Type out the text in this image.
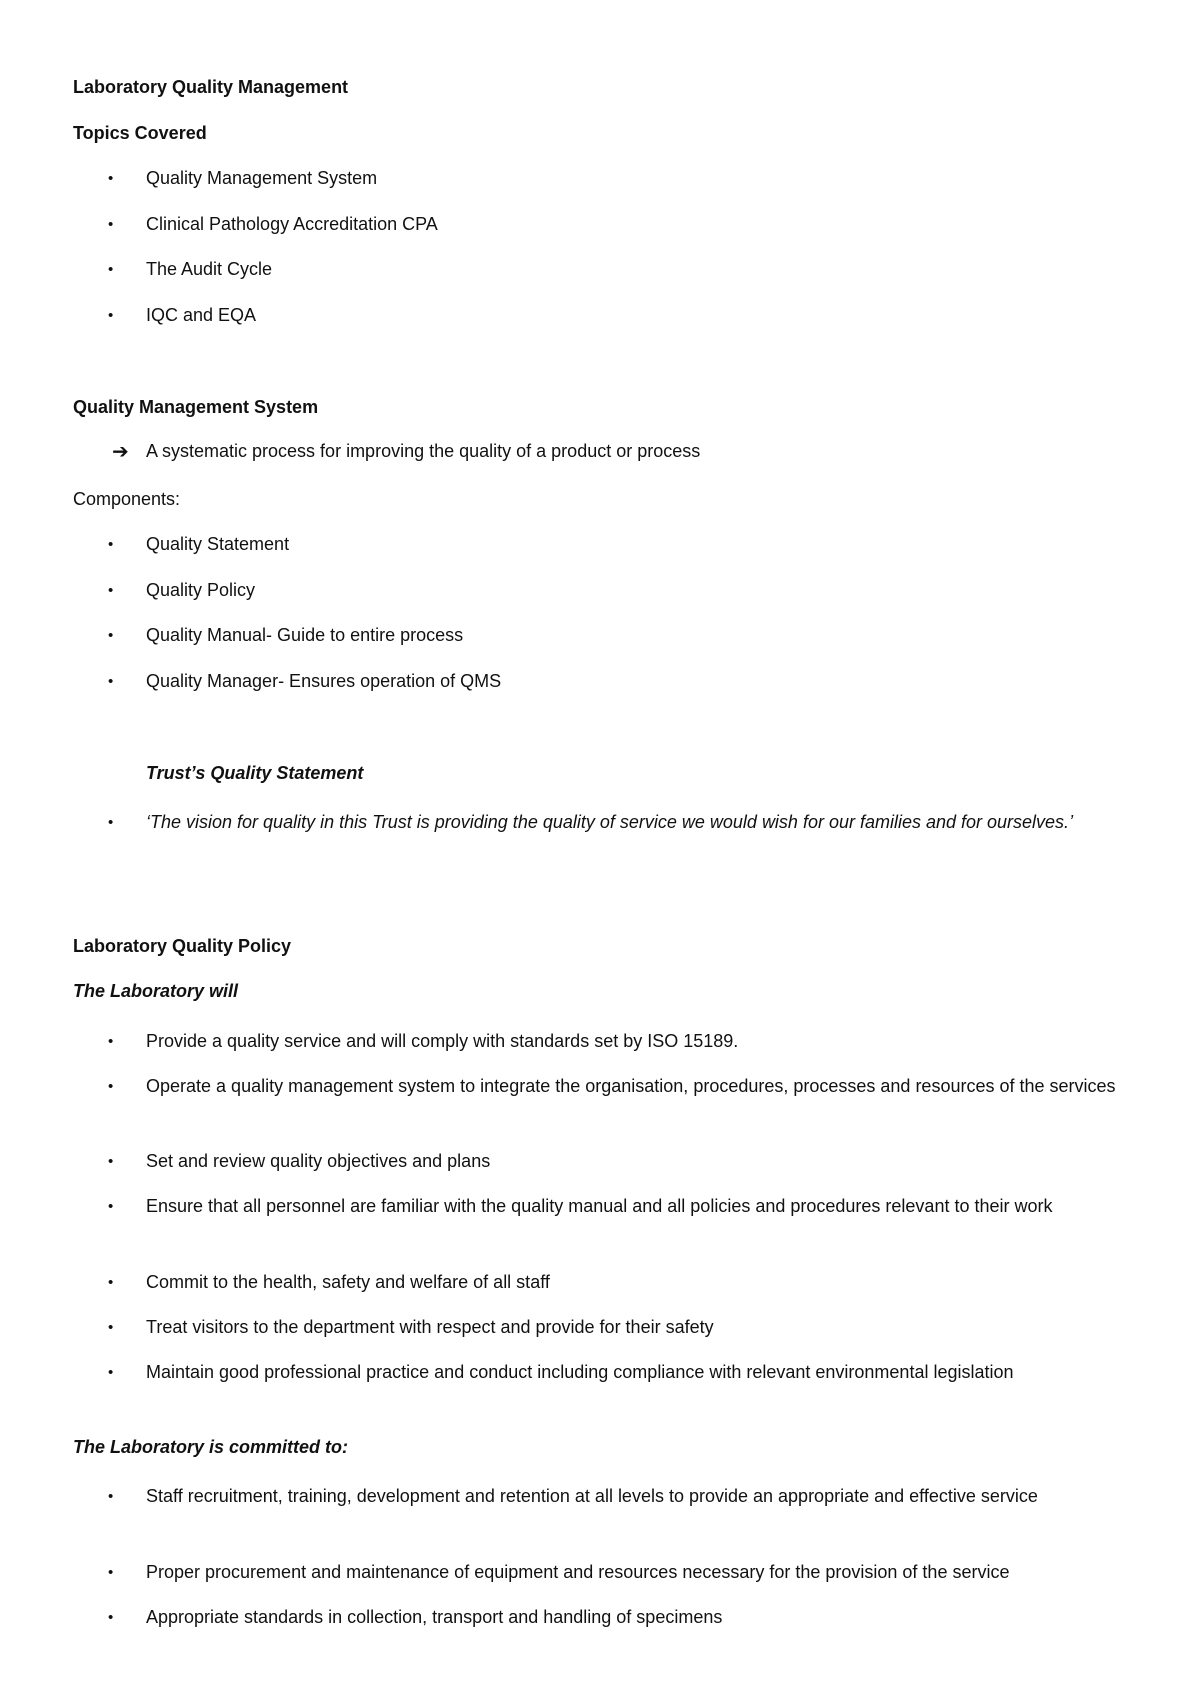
Laboratory Quality Management
Topics Covered
• Quality Management System
• Clinical Pathology Accreditation CPA
• The Audit Cycle
• IQC and EQA
Quality Management System
➔ A systematic process for improving the quality of a product or process
Components:
• Quality Statement
• Quality Policy
• Quality Manual- Guide to entire process
• Quality Manager- Ensures operation of QMS
Trust’s Quality Statement
• ‘The vision for quality in this Trust is providing the quality of service we would wish for our families and for ourselves.’
Laboratory Quality Policy
The Laboratory will
• Provide a quality service and will comply with standards set by ISO 15189.
• Operate a quality management system to integrate the organisation, procedures, processes and resources of the services
• Set and review quality objectives and plans
• Ensure that all personnel are familiar with the quality manual and all policies and procedures relevant to their work
• Commit to the health, safety and welfare of all staff
• Treat visitors to the department with respect and provide for their safety
• Maintain good professional practice and conduct including compliance with relevant environmental legislation
The Laboratory is committed to:
• Staff recruitment, training, development and retention at all levels to provide an appropriate and effective service
• Proper procurement and maintenance of equipment and resources necessary for the provision of the service
• Appropriate standards in collection, transport and handling of specimens
